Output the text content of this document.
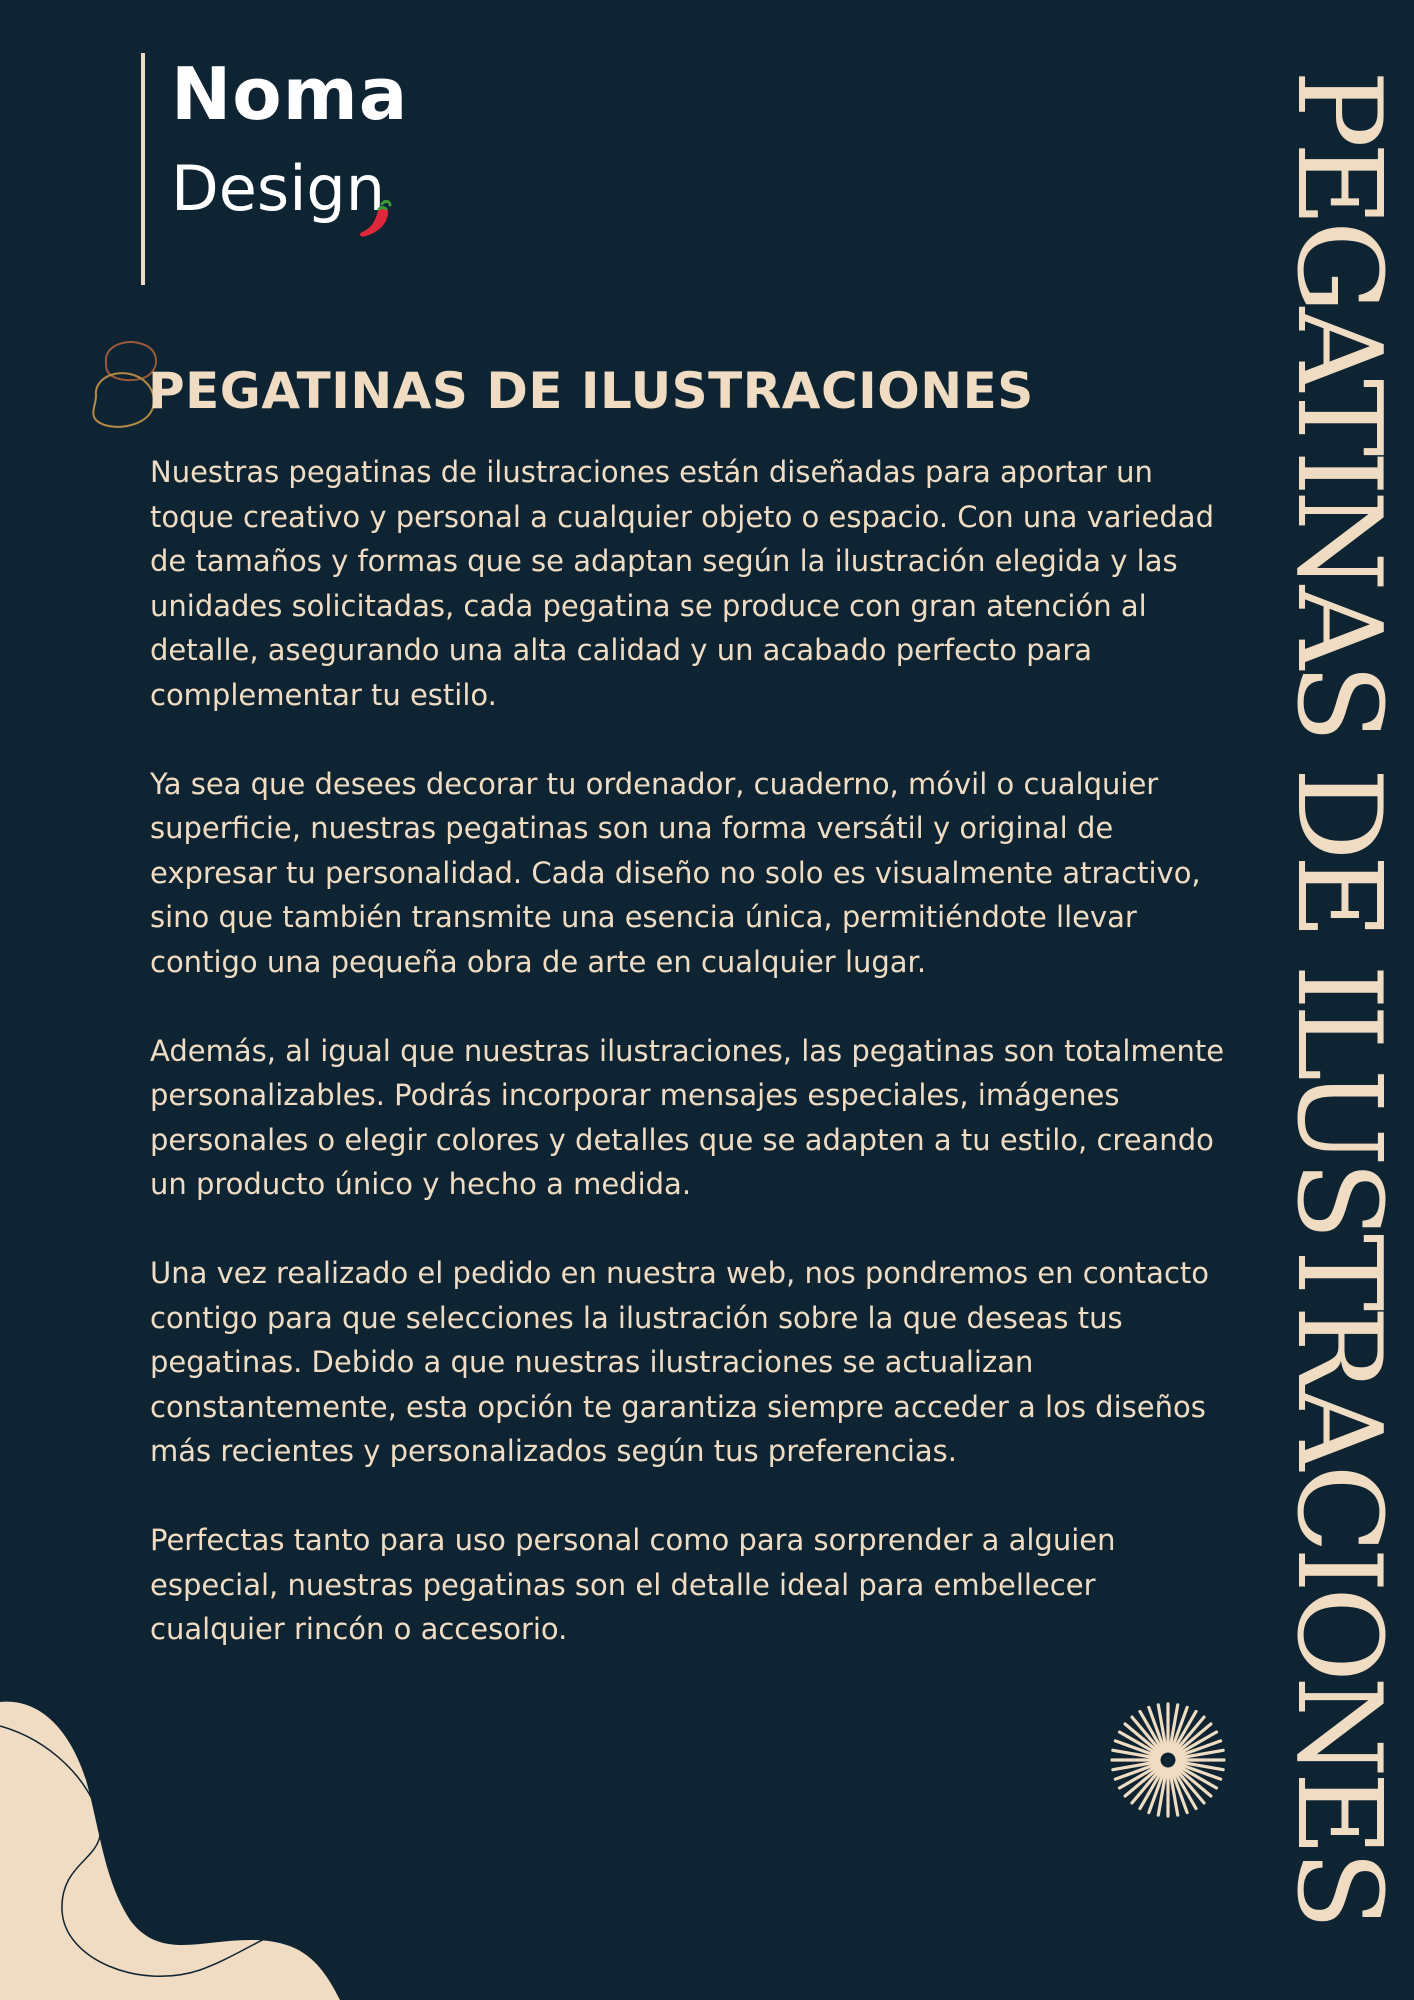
Noma
Design
PEGATINAS DE ILUSTRACIONES

Nuestras pegatinas de ilustraciones están diseñadas para aportar un toque creativo y personal a cualquier objeto o espacio. Con una variedad de tamaños y formas que se adaptan según la ilustración elegida y las unidades solicitadas, cada pegatina se produce con gran atención al detalle, asegurando una alta calidad y un acabado perfecto para complementar tu estilo.

Ya sea que desees decorar tu ordenador, cuaderno, móvil o cualquier superficie, nuestras pegatinas son una forma versátil y original de expresar tu personalidad. Cada diseño no solo es visualmente atractivo, sino que también transmite una esencia única, permitiéndote llevar contigo una pequeña obra de arte en cualquier lugar.

Además, al igual que nuestras ilustraciones, las pegatinas son totalmente personalizables. Podrás incorporar mensajes especiales, imágenes personales o elegir colores y detalles que se adapten a tu estilo, creando un producto único y hecho a medida.

Una vez realizado el pedido en nuestra web, nos pondremos en contacto contigo para que selecciones la ilustración sobre la que deseas tus pegatinas. Debido a que nuestras ilustraciones se actualizan constantemente, esta opción te garantiza siempre acceder a los diseños más recientes y personalizados según tus preferencias.

Perfectas tanto para uso personal como para sorprender a alguien especial, nuestras pegatinas son el detalle ideal para embellecer cualquier rincón o accesorio.	PEGATINAS DE ILUSTRACIONES
